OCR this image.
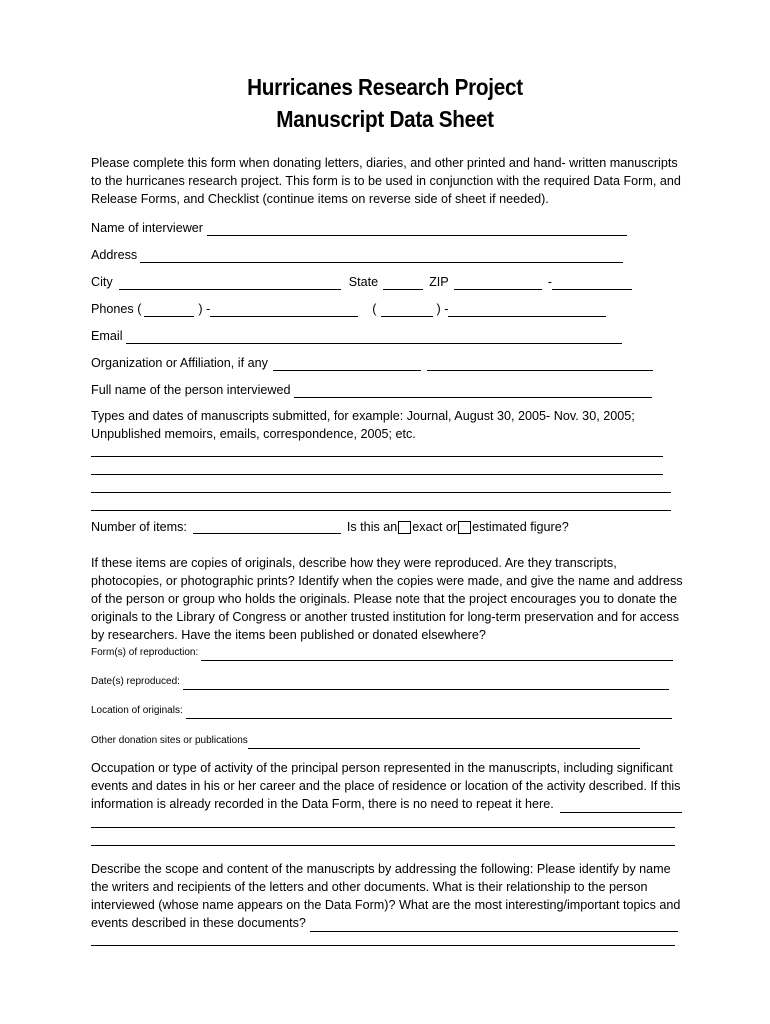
Hurricanes Research Project
Manuscript Data Sheet
Please complete this form when donating letters, diaries, and other printed and hand- written manuscripts
to the hurricanes research project. This form is to be used in conjunction with the required Data Form, and
Release Forms, and Checklist (continue items on reverse side of sheet if needed).
Name of interviewer
Address
City	State	ZIP	-
Phones (	) -	(	) -
Email
Organization or Affiliation, if any
Full name of the person interviewed
Types and dates of manuscripts submitted, for example: Journal, August 30, 2005- Nov. 30, 2005;
Unpublished memoirs, emails, correspondence, 2005; etc.
Number of items:	Is this an exact or estimated figure?
If these items are copies of originals, describe how they were reproduced. Are they transcripts,
photocopies, or photographic prints? Identify when the copies were made, and give the name and address
of the person or group who holds the originals. Please note that the project encourages you to donate the
originals to the Library of Congress or another trusted institution for long-term preservation and for access
by researchers. Have the items been published or donated elsewhere?
Form(s) of reproduction:
Date(s) reproduced:
Location of originals:
Other donation sites or publications
Occupation or type of activity of the principal person represented in the manuscripts, including significant
events and dates in his or her career and the place of residence or location of the activity described. If this
information is already recorded in the Data Form, there is no need to repeat it here.
Describe the scope and content of the manuscripts by addressing the following: Please identify by name
the writers and recipients of the letters and other documents. What is their relationship to the person
interviewed (whose name appears on the Data Form)? What are the most interesting/important topics and
events described in these documents?
